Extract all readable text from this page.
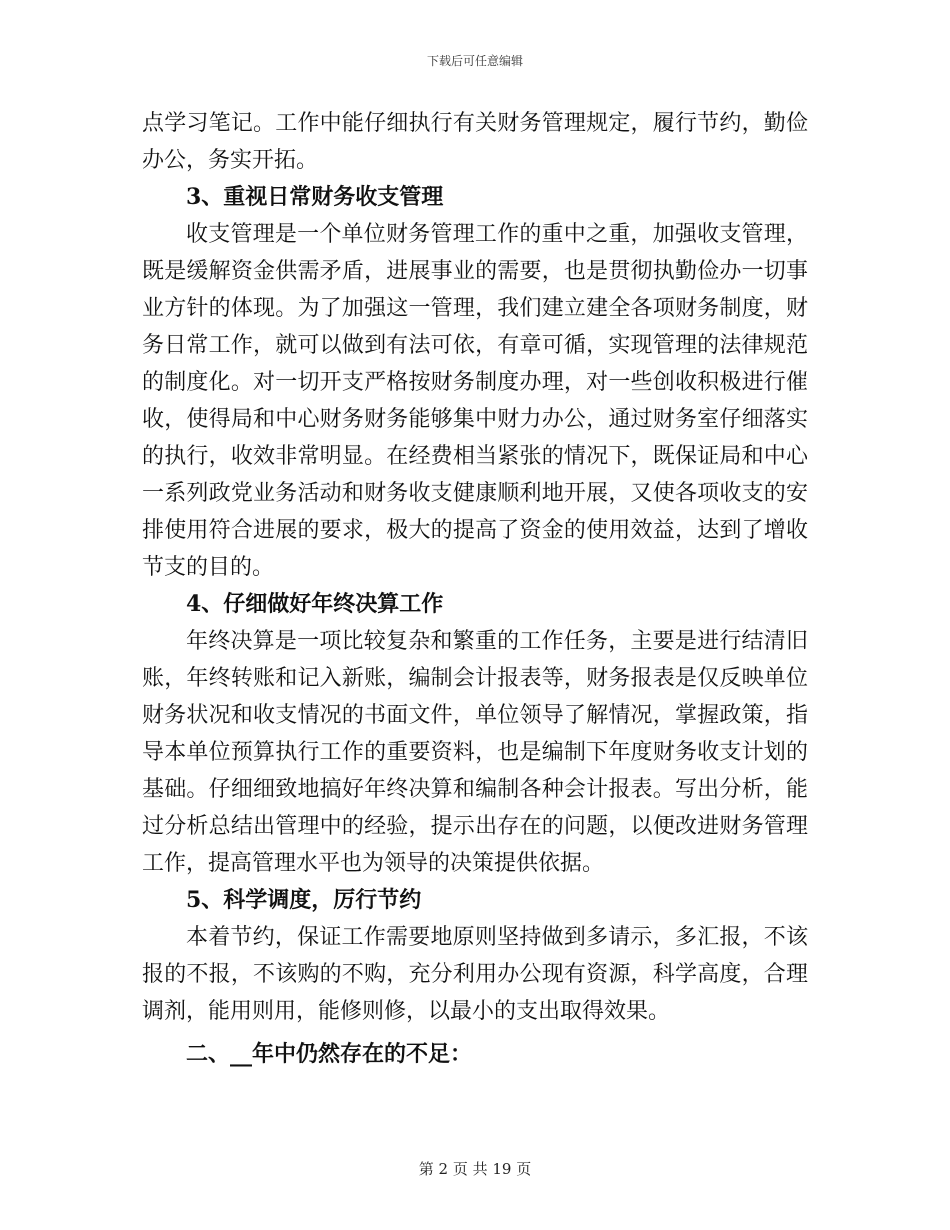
下载后可任意编辑

点学习笔记。工作中能仔细执行有关财务管理规定，履行节约，勤俭办公，务实开拓。

3、重视日常财务收支管理

收支管理是一个单位财务管理工作的重中之重，加强收支管理，既是缓解资金供需矛盾，进展事业的需要，也是贯彻执勤俭办一切事业方针的体现。为了加强这一管理，我们建立建全各项财务制度，财务日常工作，就可以做到有法可依，有章可循，实现管理的法律规范的制度化。对一切开支严格按财务制度办理，对一些创收积极进行催收，使得局和中心财务财务能够集中财力办公，通过财务室仔细落实的执行，收效非常明显。在经费相当紧张的情况下，既保证局和中心一系列政党业务活动和财务收支健康顺利地开展，又使各项收支的安排使用符合进展的要求，极大的提高了资金的使用效益，达到了增收节支的目的。

4、仔细做好年终决算工作

年终决算是一项比较复杂和繁重的工作任务，主要是进行结清旧账，年终转账和记入新账，编制会计报表等，财务报表是仅反映单位财务状况和收支情况的书面文件，单位领导了解情况，掌握政策，指导本单位预算执行工作的重要资料，也是编制下年度财务收支计划的基础。仔细细致地搞好年终决算和编制各种会计报表。写出分析，能过分析总结出管理中的经验，提示出存在的问题，以便改进财务管理工作，提高管理水平也为领导的决策提供依据。

5、科学调度，厉行节约

本着节约，保证工作需要地原则坚持做到多请示，多汇报，不该报的不报，不该购的不购，充分利用办公现有资源，科学高度，合理调剂，能用则用，能修则修，以最小的支出取得效果。

二、__年中仍然存在的不足：

第 2 页 共 19 页
